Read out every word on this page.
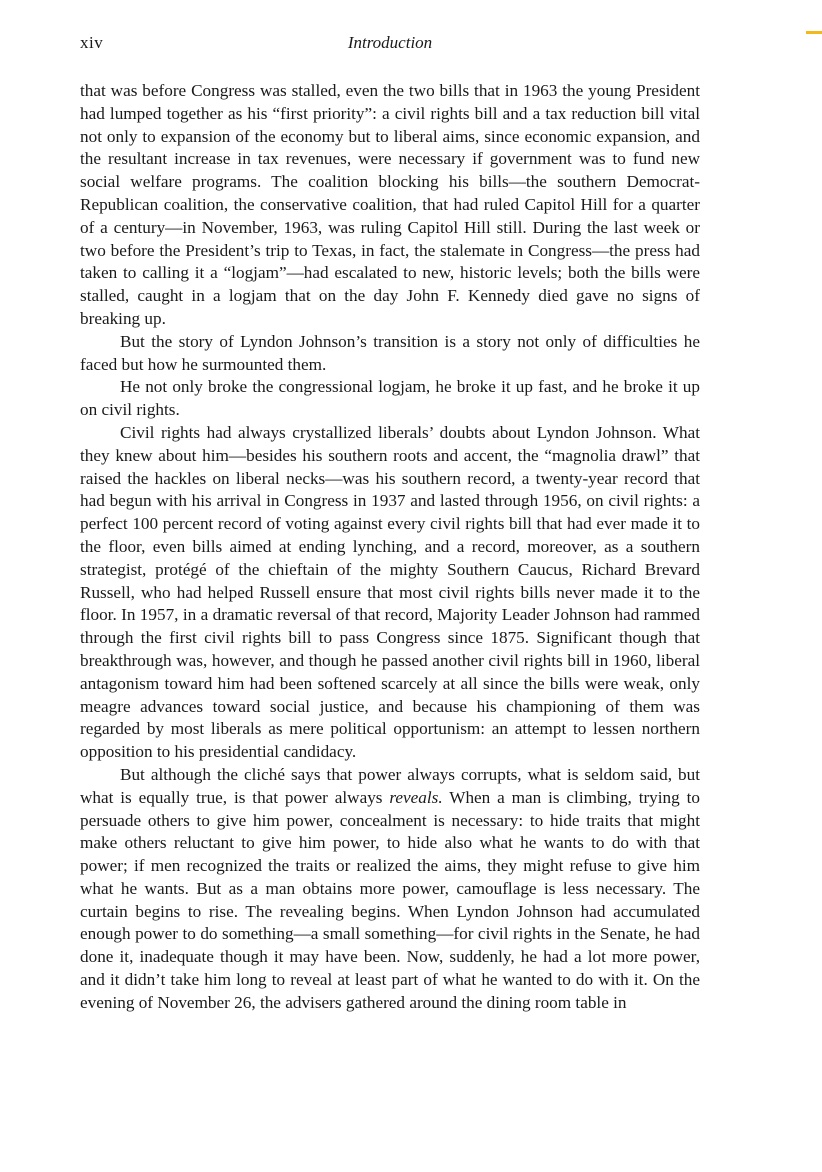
xiv	Introduction

that was before Congress was stalled, even the two bills that in 1963 the young President had lumped together as his “first priority”: a civil rights bill and a tax reduction bill vital not only to expansion of the economy but to liberal aims, since economic expansion, and the resultant increase in tax revenues, were necessary if government was to fund new social welfare programs. The coalition blocking his bills—the southern Democrat-Republican coalition, the conservative coalition, that had ruled Capitol Hill for a quarter of a century—in November, 1963, was ruling Capitol Hill still. During the last week or two before the President’s trip to Texas, in fact, the stalemate in Congress—the press had taken to calling it a “logjam”—had escalated to new, historic levels; both the bills were stalled, caught in a logjam that on the day John F. Kennedy died gave no signs of breaking up.

But the story of Lyndon Johnson’s transition is a story not only of difficulties he faced but how he surmounted them.

He not only broke the congressional logjam, he broke it up fast, and he broke it up on civil rights.

Civil rights had always crystallized liberals’ doubts about Lyndon Johnson. What they knew about him—besides his southern roots and accent, the “magnolia drawl” that raised the hackles on liberal necks—was his southern record, a twenty-year record that had begun with his arrival in Congress in 1937 and lasted through 1956, on civil rights: a perfect 100 percent record of voting against every civil rights bill that had ever made it to the floor, even bills aimed at ending lynching, and a record, moreover, as a southern strategist, protégé of the chieftain of the mighty Southern Caucus, Richard Brevard Russell, who had helped Russell ensure that most civil rights bills never made it to the floor. In 1957, in a dramatic reversal of that record, Majority Leader Johnson had rammed through the first civil rights bill to pass Congress since 1875. Significant though that breakthrough was, however, and though he passed another civil rights bill in 1960, liberal antagonism toward him had been softened scarcely at all since the bills were weak, only meagre advances toward social justice, and because his championing of them was regarded by most liberals as mere political opportunism: an attempt to lessen northern opposition to his presidential candidacy.

But although the cliché says that power always corrupts, what is seldom said, but what is equally true, is that power always reveals. When a man is climbing, trying to persuade others to give him power, concealment is necessary: to hide traits that might make others reluctant to give him power, to hide also what he wants to do with that power; if men recognized the traits or realized the aims, they might refuse to give him what he wants. But as a man obtains more power, camouflage is less necessary. The curtain begins to rise. The revealing begins. When Lyndon Johnson had accumulated enough power to do something—a small something—for civil rights in the Senate, he had done it, inadequate though it may have been. Now, suddenly, he had a lot more power, and it didn’t take him long to reveal at least part of what he wanted to do with it. On the evening of November 26, the advisers gathered around the dining room table in
